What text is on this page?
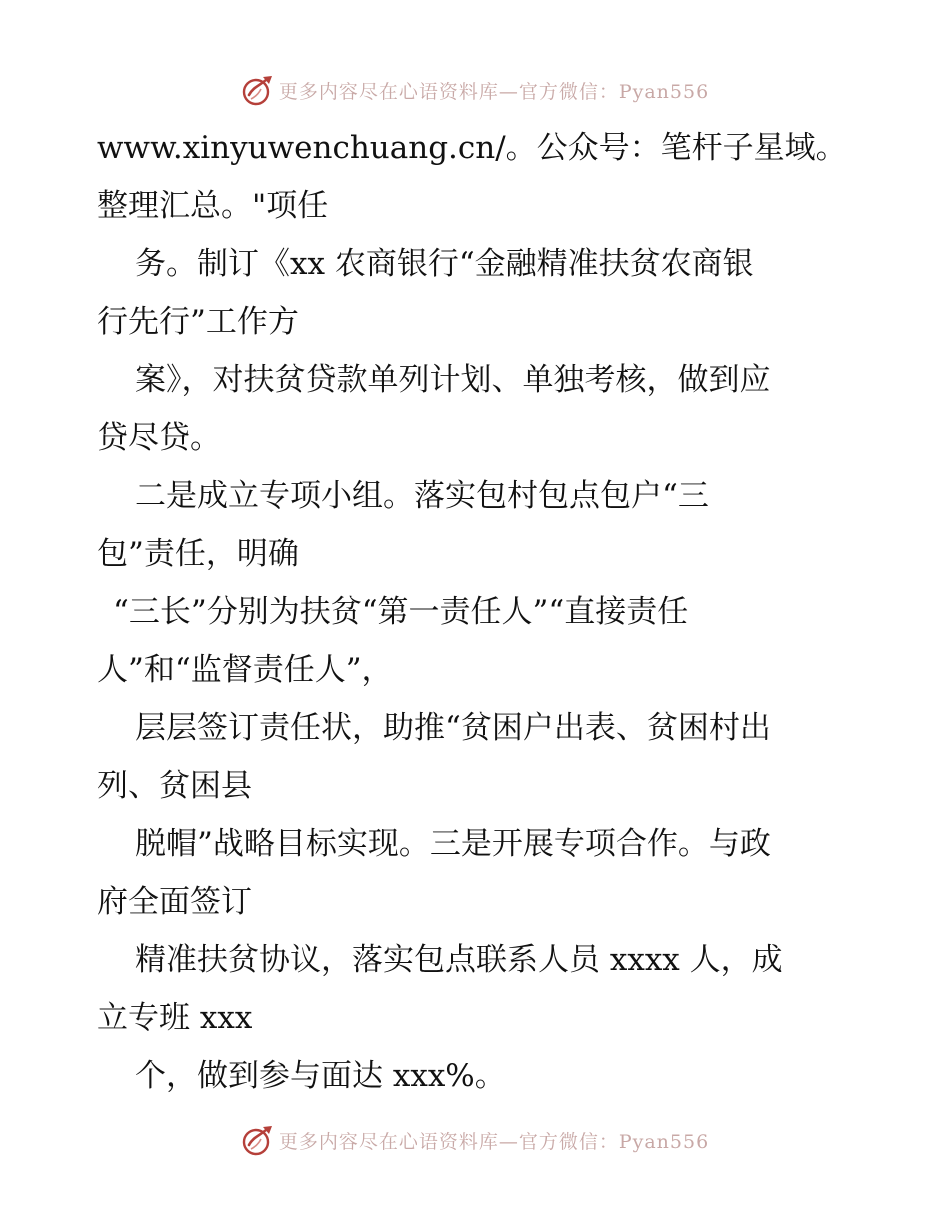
更多内容尽在心语资料库—官方微信：Pyan556
www.xinyuwenchuang.cn/。公众号：笔杆子星域。
整理汇总。"项任
务。制订《xx 农商银行“金融精准扶贫农商银
行先行”工作方
案》，对扶贫贷款单列计划、单独考核，做到应
贷尽贷。
二是成立专项小组。落实包村包点包户“三
包”责任，明确
“三长”分别为扶贫“第一责任人”“直接责任
人”和“监督责任人”，
层层签订责任状，助推“贫困户出表、贫困村出
列、贫困县
脱帽”战略目标实现。三是开展专项合作。与政
府全面签订
精准扶贫协议，落实包点联系人员 xxxx 人，成
立专班 xxx
个，做到参与面达 xxx%。
更多内容尽在心语资料库—官方微信：Pyan556
